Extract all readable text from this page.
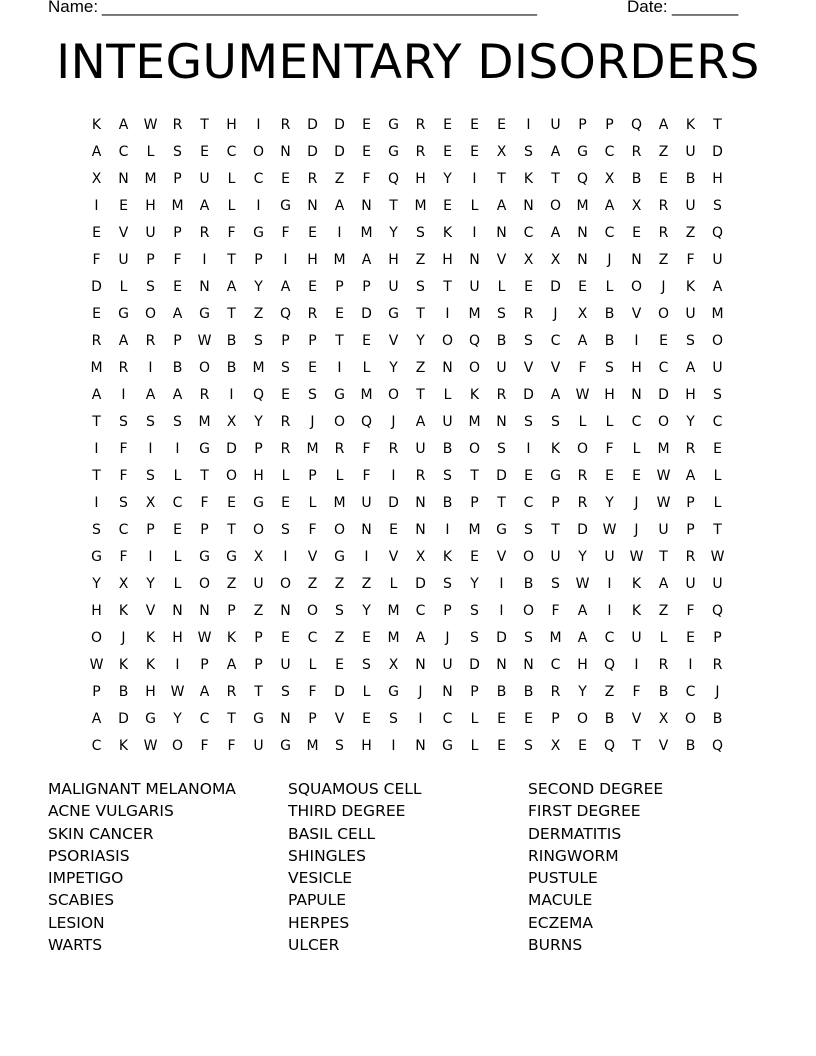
Name: ______________________________________________	Date: _______
INTEGUMENTARY DISORDERS
K	A	W	R	T	H	I	R	D	D	E	G	R	E	E	E	I	U	P	P	Q	A	K	T
A	C	L	S	E	C	O	N	D	D	E	G	R	E	E	X	S	A	G	C	R	Z	U	D
X	N	M	P	U	L	C	E	R	Z	F	Q	H	Y	I	T	K	T	Q	X	B	E	B	H
I	E	H	M	A	L	I	G	N	A	N	T	M	E	L	A	N	O	M	A	X	R	U	S
E	V	U	P	R	F	G	F	E	I	M	Y	S	K	I	N	C	A	N	C	E	R	Z	Q
F	U	P	F	I	T	P	I	H	M	A	H	Z	H	N	V	X	X	N	J	N	Z	F	U
D	L	S	E	N	A	Y	A	E	P	P	U	S	T	U	L	E	D	E	L	O	J	K	A
E	G	O	A	G	T	Z	Q	R	E	D	G	T	I	M	S	R	J	X	B	V	O	U	M
R	A	R	P	W	B	S	P	P	T	E	V	Y	O	Q	B	S	C	A	B	I	E	S	O
M	R	I	B	O	B	M	S	E	I	L	Y	Z	N	O	U	V	V	F	S	H	C	A	U
A	I	A	A	R	I	Q	E	S	G	M	O	T	L	K	R	D	A	W	H	N	D	H	S
T	S	S	S	M	X	Y	R	J	O	Q	J	A	U	M	N	S	S	L	L	C	O	Y	C
I	F	I	I	G	D	P	R	M	R	F	R	U	B	O	S	I	K	O	F	L	M	R	E
T	F	S	L	T	O	H	L	P	L	F	I	R	S	T	D	E	G	R	E	E	W	A	L
I	S	X	C	F	E	G	E	L	M	U	D	N	B	P	T	C	P	R	Y	J	W	P	L
S	C	P	E	P	T	O	S	F	O	N	E	N	I	M	G	S	T	D	W	J	U	P	T
G	F	I	L	G	G	X	I	V	G	I	V	X	K	E	V	O	U	Y	U	W	T	R	W
Y	X	Y	L	O	Z	U	O	Z	Z	Z	L	D	S	Y	I	B	S	W	I	K	A	U	U
H	K	V	N	N	P	Z	N	O	S	Y	M	C	P	S	I	O	F	A	I	K	Z	F	Q
O	J	K	H	W	K	P	E	C	Z	E	M	A	J	S	D	S	M	A	C	U	L	E	P
W	K	K	I	P	A	P	U	L	E	S	X	N	U	D	N	N	C	H	Q	I	R	I	R
P	B	H	W	A	R	T	S	F	D	L	G	J	N	P	B	B	R	Y	Z	F	B	C	J
A	D	G	Y	C	T	G	N	P	V	E	S	I	C	L	E	E	P	O	B	V	X	O	B
C	K	W	O	F	F	U	G	M	S	H	I	N	G	L	E	S	X	E	Q	T	V	B	Q
MALIGNANT MELANOMA
ACNE VULGARIS
SKIN CANCER
PSORIASIS
IMPETIGO
SCABIES
LESION
WARTS
SQUAMOUS CELL
THIRD DEGREE
BASIL CELL
SHINGLES
VESICLE
PAPULE
HERPES
ULCER
SECOND DEGREE
FIRST DEGREE
DERMATITIS
RINGWORM
PUSTULE
MACULE
ECZEMA
BURNS
